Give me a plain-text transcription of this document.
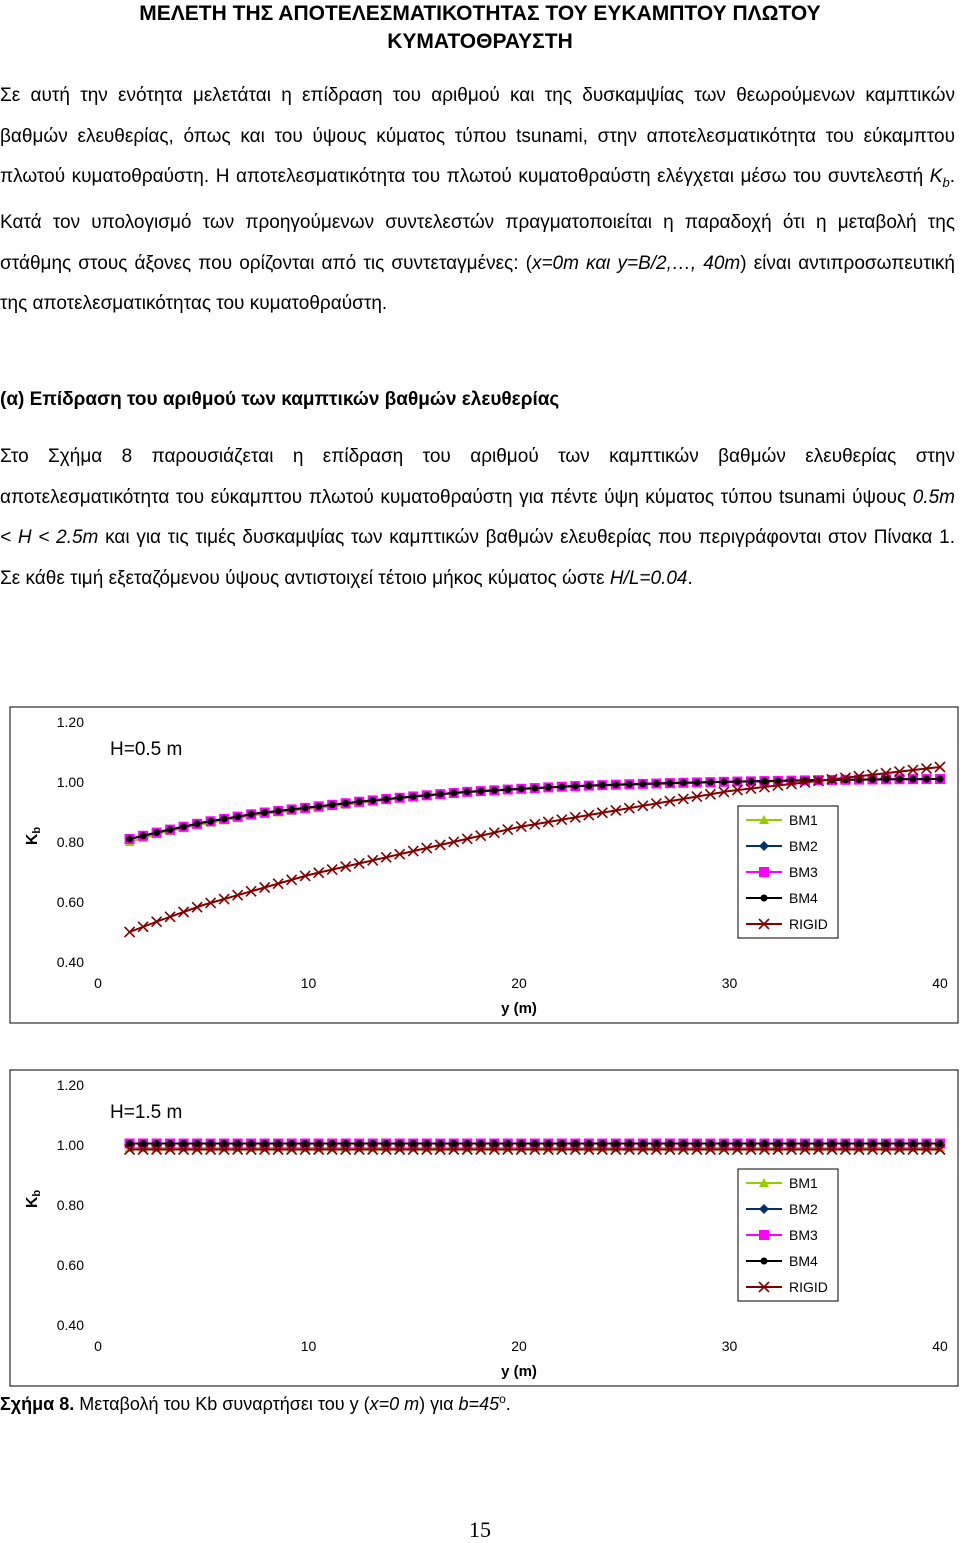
ΜΕΛΕΤΗ ΤΗΣ ΑΠΟΤΕΛΕΣΜΑΤΙΚΟΤΗΤΑΣ ΤΟΥ ΕΥΚΑΜΠΤΟΥ ΠΛΩΤΟΥ
ΚΥΜΑΤΟΘΡΑΥΣΤΗ

Σε αυτή την ενότητα μελετάται η επίδραση του αριθμού και της δυσκαμψίας των θεωρούμενων καμπτικών βαθμών ελευθερίας, όπως και του ύψους κύματος τύπου tsunami, στην αποτελεσματικότητα του εύκαμπτου πλωτού κυματοθραύστη. Η αποτελεσματικότητα του πλωτού κυματοθραύστη ελέγχεται μέσω του συντελεστή $K_b$. Κατά τον υπολογισμό των προηγούμενων συντελεστών πραγματοποιείται η παραδοχή ότι η μεταβολή της στάθμης στους άξονες που ορίζονται από τις συντεταγμένες: (x=0m και y=B/2,…, 40m) είναι αντιπροσωπευτική της αποτελεσματικότητας του κυματοθραύστη.

(α) Επίδραση του αριθμού των καμπτικών βαθμών ελευθερίας

Στο Σχήμα 8 παρουσιάζεται η επίδραση του αριθμού των καμπτικών βαθμών ελευθερίας στην αποτελεσματικότητα του εύκαμπτου πλωτού κυματοθραύστη για πέντε ύψη κύματος τύπου tsunami ύψους 0.5m < H < 2.5m και για τις τιμές δυσκαμψίας των καμπτικών βαθμών ελευθερίας που περιγράφονται στον Πίνακα 1. Σε κάθε τιμή εξεταζόμενου ύψους αντιστοιχεί τέτοιο μήκος κύματος ώστε H/L=0.04.

0.40
0.60
0.80
1.00
1.20
0	10	20	30	40
y (m)
Kb
H=0.5 m
BM1
BM2
BM3
BM4
RIGID
0.40
0.60
0.80
1.00
1.20
0	10	20	30	40
y (m)
Kb
H=1.5 m
BM1
BM2
BM3
BM4
RIGID
Σχήμα 8. Μεταβολή του Kb συναρτήσει του y (x=0 m) για $b=45^o$.
15
